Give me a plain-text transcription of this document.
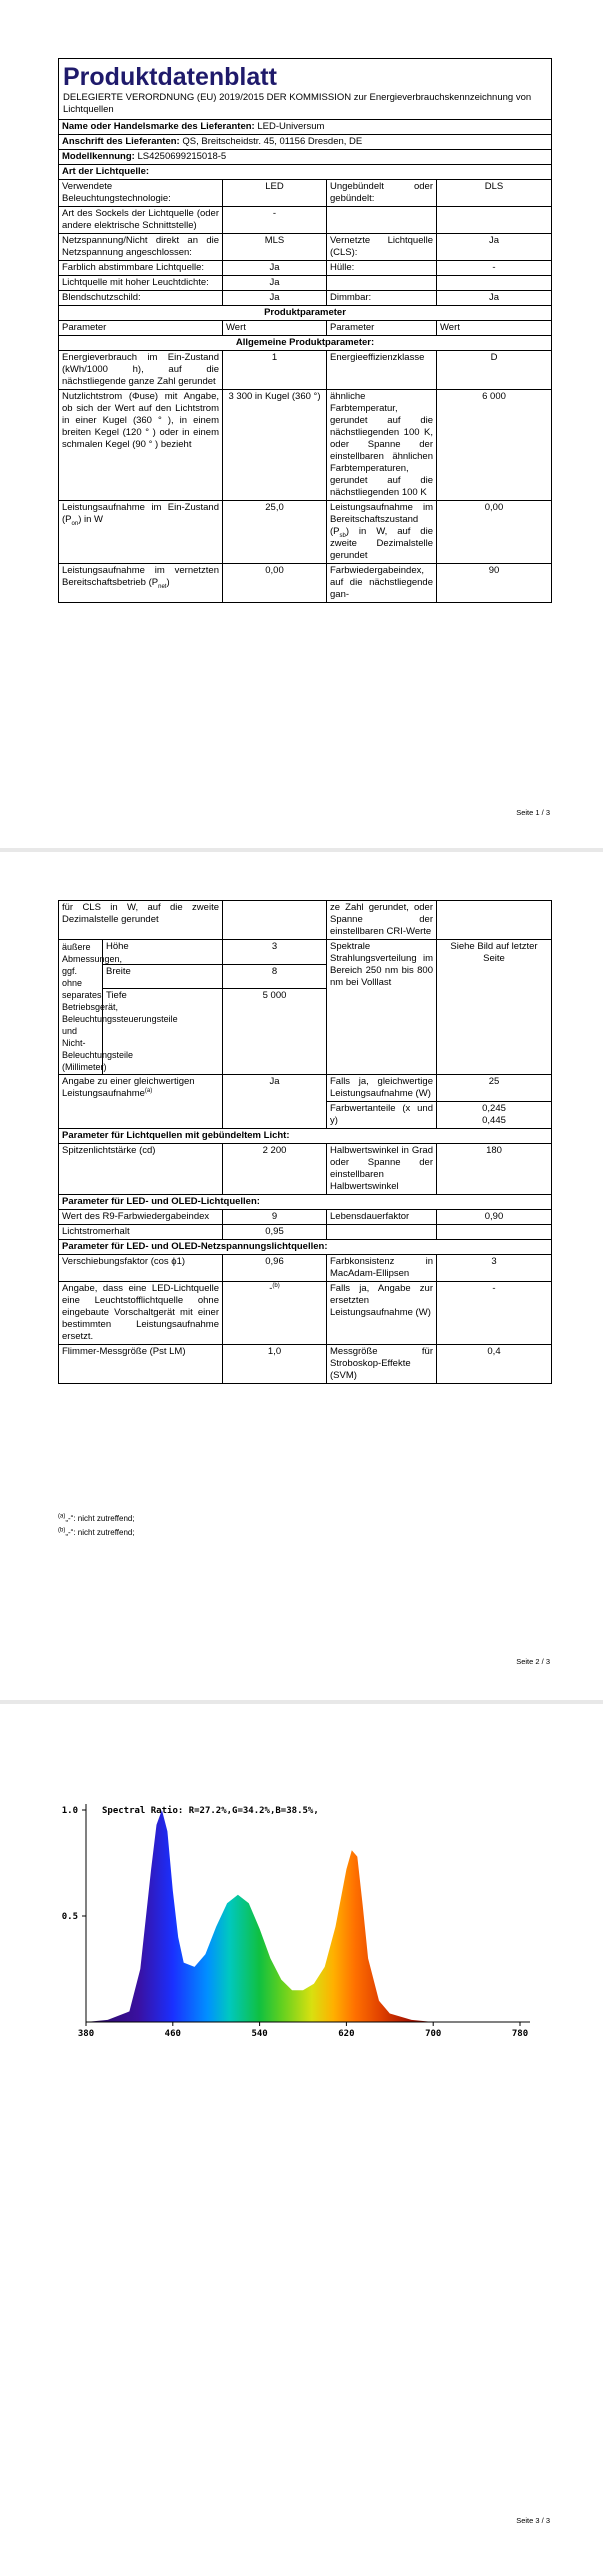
Produktdatenblatt
DELEGIERTE VERORDNUNG (EU) 2019/2015 DER KOMMISSION zur Energieverbrauchskennzeichnung von Lichtquellen			

Name oder Handelsmarke des Lieferanten: LED-Universum			
Anschrift des Lieferanten: QS, Breitscheidstr. 45, 01156 Dresden, DE			
Modellkennung: LS4250699215018-5			
Art der Lichtquelle:			
Verwendete Beleuchtungstechnologie:	LED	Ungebündelt oder gebündelt:	DLS
Art des Sockels der Lichtquelle (oder andere elektrische Schnittstelle)	-		
Netzspannung/Nicht direkt an die Netzspannung angeschlossen:	MLS	Vernetzte Lichtquelle (CLS):	Ja
Farblich abstimmbare Lichtquelle:	Ja	Hülle:	-
Lichtquelle mit hoher Leuchtdichte:	Ja		
Blendschutzschild:	Ja	Dimmbar:	Ja
Produktparameter			
Parameter	Wert	Parameter	Wert
Allgemeine Produktparameter:			
Energieverbrauch im Ein-Zustand (kWh/1000 h), auf die nächstliegende ganze Zahl gerundet	1	Energieeffizienzklasse	D
Nutzlichtstrom (Φuse) mit Angabe, ob sich der Wert auf den Lichtstrom in einer Kugel (360 ° ), in einem breiten Kegel (120 ° ) oder in einem schmalen Kegel (90 ° ) bezieht	3 300 in Kugel (360 °)	ähnliche Farbtemperatur, gerundet auf die nächstliegenden 100 K, oder Spanne der einstellbaren ähnlichen Farbtemperaturen, gerundet auf die nächstliegenden 100 K	6 000
Leistungsaufnahme im Ein-Zustand $(P_{on})$ in W	25,0	Leistungsaufnahme im Bereitschaftszustand $(P_{sb})$ in W, auf die zweite Dezimalstelle gerundet	0,00
Leistungsaufnahme im vernetzten Bereitschaftsbetrieb $(P_{net})$	0,00	Farbwiedergabeindex, auf die nächstliegende gan-	90
Seite 1 / 3
für CLS in W, auf die zweite Dezimalstelle gerundet			ze Zahl gerundet, oder Spanne der einstellbaren CRI-Werte	
äußere Abmessungen, ggf. ohne separates Betriebsgerät, Beleuchtungssteuerungsteile und Nicht-Beleuchtungsteile (Millimeter)	Höhe	3	Spektrale Strahlungsverteilung im Bereich 250 nm bis 800 nm bei Volllast	Siehe Bild auf letzter Seite
	Breite	8		
	Tiefe	5 000		
Angabe zu einer gleichwertigen Leistungsaufnahme$^{(a)}$		Ja	Falls ja, gleichwertige Leistungsaufnahme (W)	25
			Farbwertanteile (x und y)	0,245
0,445

Parameter für Lichtquellen mit gebündeltem Licht:				
Spitzenlichtstärke (cd)		2 200	Halbwertswinkel in Grad oder Spanne der einstellbaren Halbwertswinkel	180
Parameter für LED- und OLED-Lichtquellen:				
Wert des R9-Farbwiedergabeindex		9	Lebensdauerfaktor	0,90
Lichtstromerhalt		0,95		
Parameter für LED- und OLED-Netzspannungslichtquellen:				
Verschiebungsfaktor (cos ϕ1)		0,96	Farbkonsistenz in MacAdam-Ellipsen	3
Angabe, dass eine LED-Lichtquelle eine Leuchtstofflichtquelle ohne eingebaute Vorschaltgerät mit einer bestimmten Leistungsaufnahme ersetzt.		-$^{(b)}$	Falls ja, Angabe zur ersetzten Leistungsaufnahme (W)	-
Flimmer-Messgröße (Pst LM)		1,0	Messgröße für Stroboskop-Effekte (SVM)	0,4
$^{(a)}$„-“: nicht zutreffend;
$^{(b)}$„-“: nicht zutreffend;
Seite 2 / 3
Seite 3 / 3
380	460	540	620	700	780
1.0
0.5
Spectral Ratio: R=27.2%,G=34.2%,B=38.5%,
